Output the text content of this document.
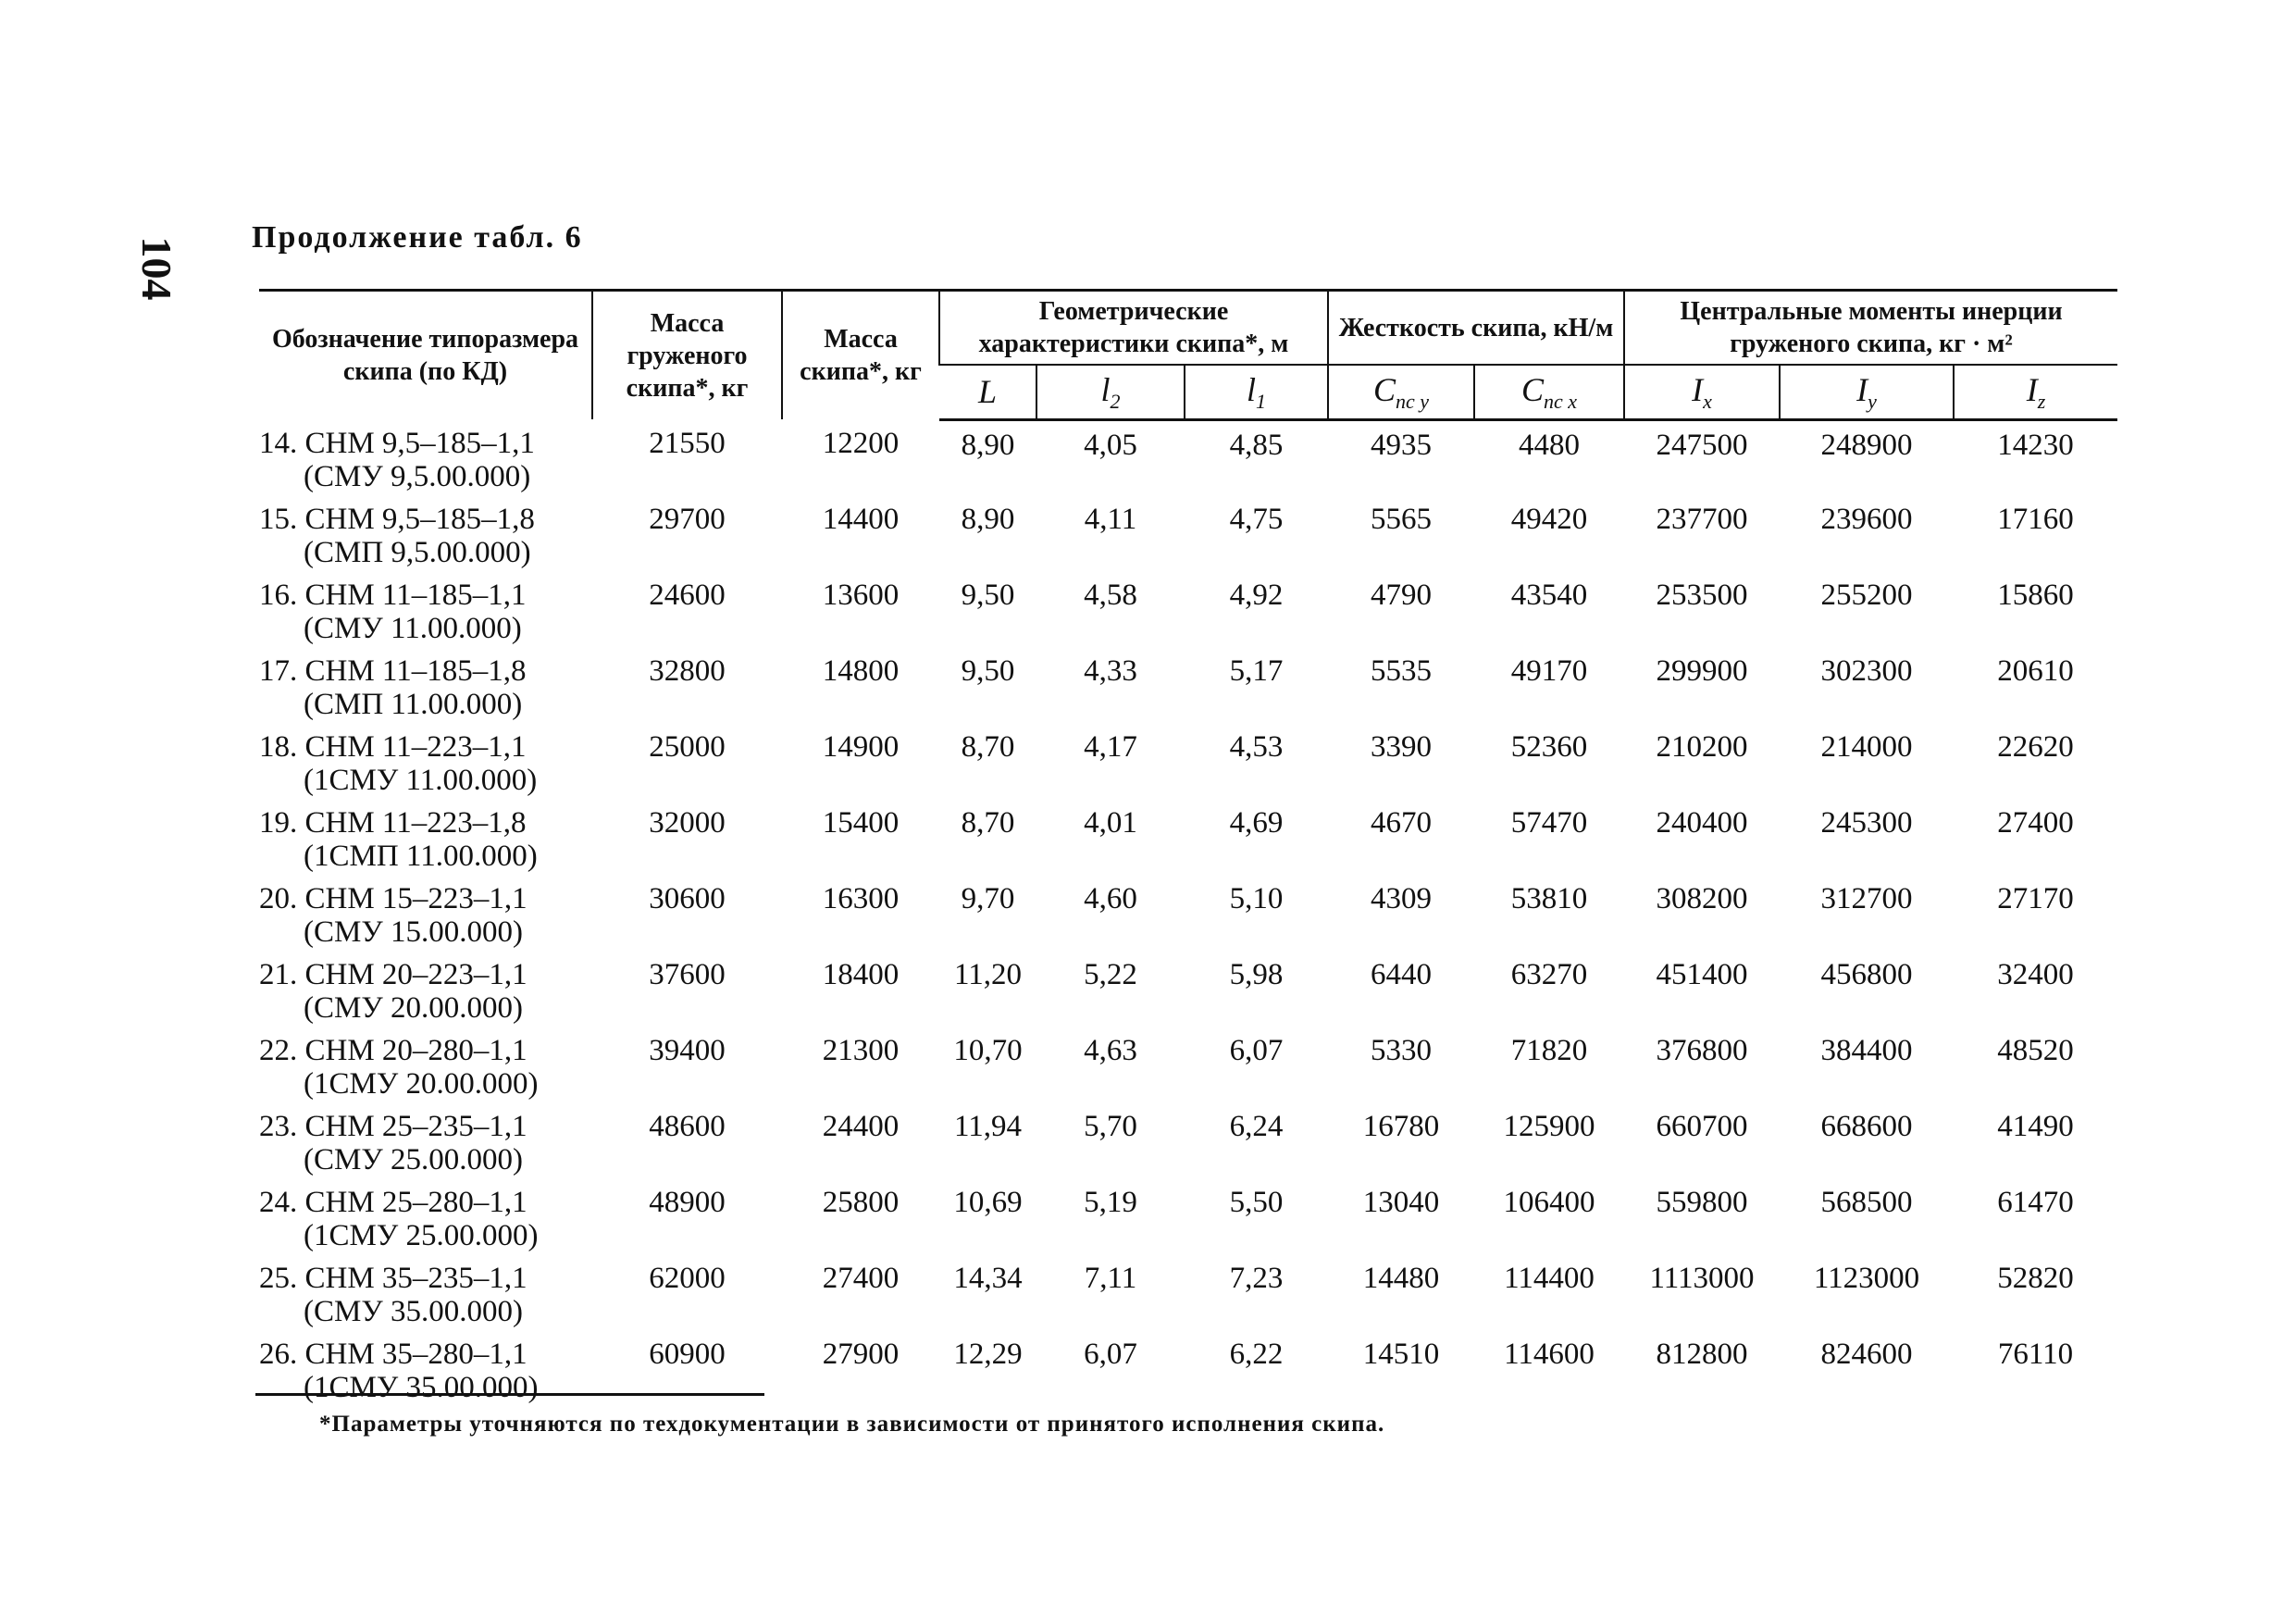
104	Продолжение табл. 6
Обозначение типоразмера скипа (по КД)	Масса груженого скипа*, кг	Масса скипа*, кг	Геометрические характеристики скипа*, м			Жесткость скипа, кН/м		Центральные моменты инерции груженого скипа, кг · м²		
			L	$l_2$	$l_1$	$C_{пс y}$	$C_{пс x}$	$I_x$	$I_y$	$I_z$
14. СНМ 9,5–185–1,1
(СМУ 9,5.00.000)	21550	12200	8,90	4,05	4,85	4935	4480	247500	248900	14230
15. СНМ 9,5–185–1,8
(СМП 9,5.00.000)	29700	14400	8,90	4,11	4,75	5565	49420	237700	239600	17160
16. СНМ 11–185–1,1
(СМУ 11.00.000)	24600	13600	9,50	4,58	4,92	4790	43540	253500	255200	15860
17. СНМ 11–185–1,8
(СМП 11.00.000)	32800	14800	9,50	4,33	5,17	5535	49170	299900	302300	20610
18. СНМ 11–223–1,1
(1СМУ 11.00.000)	25000	14900	8,70	4,17	4,53	3390	52360	210200	214000	22620
19. СНМ 11–223–1,8
(1СМП 11.00.000)	32000	15400	8,70	4,01	4,69	4670	57470	240400	245300	27400
20. СНМ 15–223–1,1
(СМУ 15.00.000)	30600	16300	9,70	4,60	5,10	4309	53810	308200	312700	27170
21. СНМ 20–223–1,1
(СМУ 20.00.000)	37600	18400	11,20	5,22	5,98	6440	63270	451400	456800	32400
22. СНМ 20–280–1,1
(1СМУ 20.00.000)	39400	21300	10,70	4,63	6,07	5330	71820	376800	384400	48520
23. СНМ 25–235–1,1
(СМУ 25.00.000)	48600	24400	11,94	5,70	6,24	16780	125900	660700	668600	41490
24. СНМ 25–280–1,1
(1СМУ 25.00.000)	48900	25800	10,69	5,19	5,50	13040	106400	559800	568500	61470
25. СНМ 35–235–1,1
(СМУ 35.00.000)	62000	27400	14,34	7,11	7,23	14480	114400	1113000	1123000	52820
26. СНМ 35–280–1,1
(1СМУ 35.00.000)	60900	27900	12,29	6,07	6,22	14510	114600	812800	824600	76110
*Параметры уточняются по техдокументации в зависимости от принятого исполнения скипа.
